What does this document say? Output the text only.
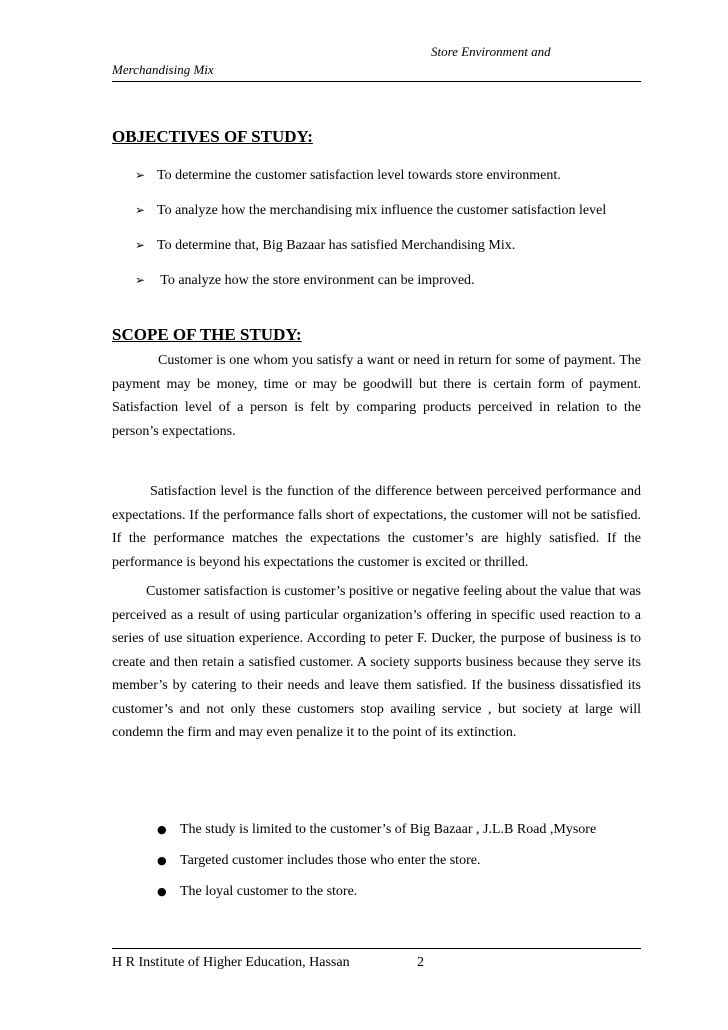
Store Environment and
Merchandising Mix
OBJECTIVES OF STUDY:
➢ To determine the customer satisfaction level towards store environment.
➢ To analyze how the merchandising mix influence the customer satisfaction level
➢ To determine that, Big Bazaar has satisfied Merchandising Mix.
➢ To analyze how the store environment can be improved.
SCOPE OF THE STUDY:

Customer is one whom you satisfy a want or need in return for some of payment. The payment may be money, time or may be goodwill but there is certain form of payment. Satisfaction level of a person is felt by comparing products perceived in relation to the person’s expectations.

Satisfaction level is the function of the difference between perceived performance and expectations. If the performance falls short of expectations, the customer will not be satisfied. If the performance matches the expectations the customer’s are highly satisfied. If the performance is beyond his expectations the customer is excited or thrilled.

Customer satisfaction is customer’s positive or negative feeling about the value that was perceived as a result of using particular organization’s offering in specific used reaction to a series of use situation experience. According to peter F. Ducker, the purpose of business is to create and then retain a satisfied customer. A society supports business because they serve its member’s by catering to their needs and leave them satisfied. If the business dissatisfied its customer’s and not only these customers stop availing service , but society at large will condemn the firm and may even penalize it to the point of its extinction.

● The study is limited to the customer’s of Big Bazaar , J.L.B Road ,Mysore
● Targeted customer includes those who enter the store.
● The loyal customer to the store.
H R Institute of Higher Education, Hassan	2
